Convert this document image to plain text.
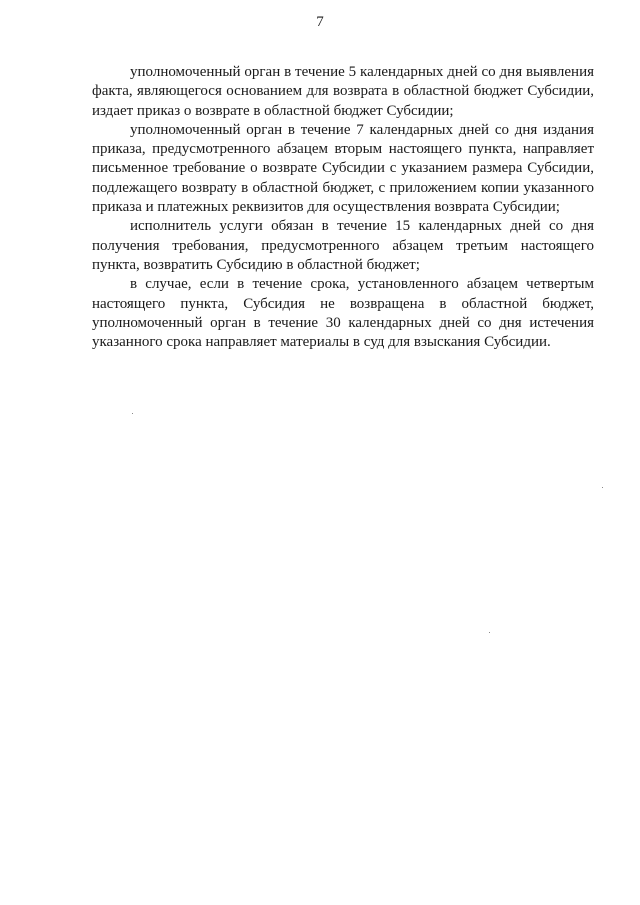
7

уполномоченный орган в течение 5 календарных дней со дня выявления факта, являющегося основанием для возврата в областной бюджет Субсидии, издает приказ о возврате в областной бюджет Субсидии;

уполномоченный орган в течение 7 календарных дней со дня издания приказа, предусмотренного абзацем вторым настоящего пункта, направляет письменное требование о возврате Субсидии с указанием размера Субсидии, подлежащего возврату в областной бюджет, с приложением копии указанного приказа и платежных реквизитов для осуществления возврата Субсидии;

исполнитель услуги обязан в течение 15 календарных дней со дня получения требования, предусмотренного абзацем третьим настоящего пункта, возвратить Субсидию в областной бюджет;

в случае, если в течение срока, установленного абзацем четвертым настоящего пункта, Субсидия не возвращена в областной бюджет, уполномоченный орган в течение 30 календарных дней со дня истечения указанного срока направляет материалы в суд для взыскания Субсидии.
